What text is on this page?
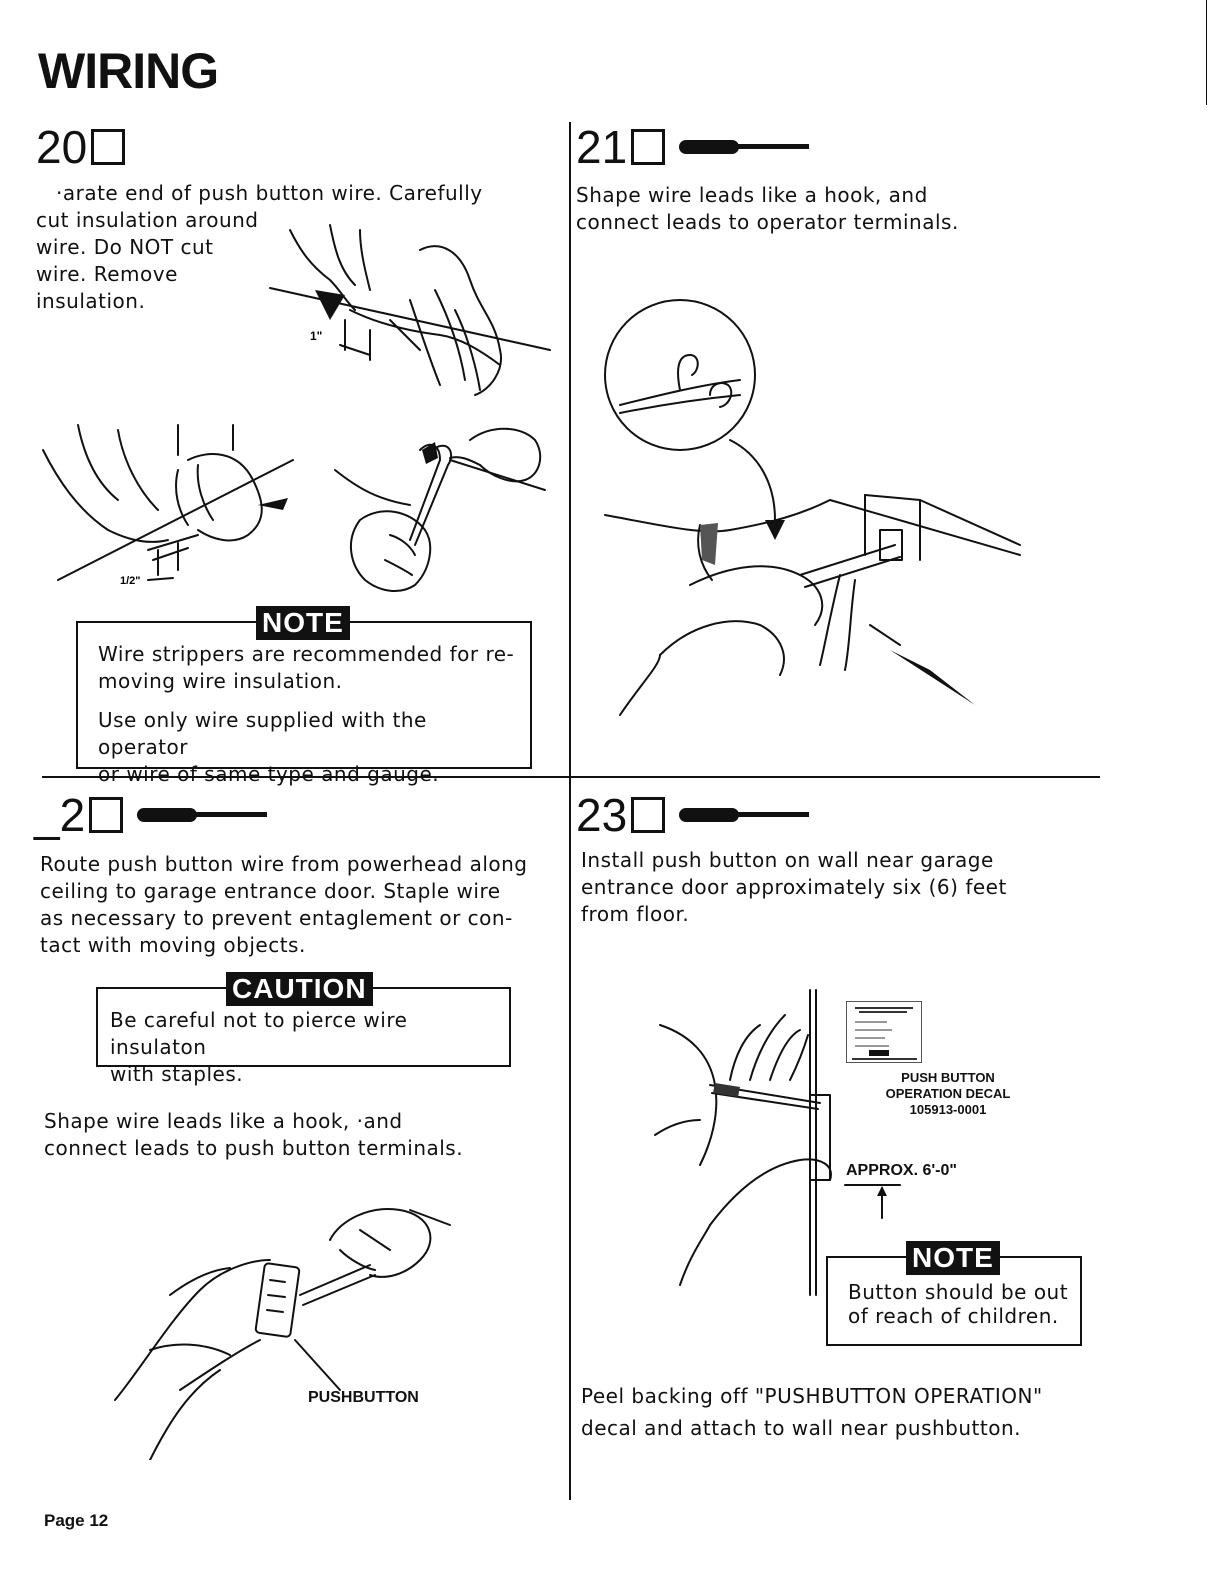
WIRING
20
·arate end of push button wire. Carefully
cut insulation around
wire. Do NOT cut
wire. Remove
insulation.
1"
1/2"
NOTE
Wire strippers are recommended for re-
moving wire insulation.
Use only wire supplied with the operator
or wire of same type and gauge.
21
Shape wire leads like a hook, and
connect leads to operator terminals.
_2
Route push button wire from powerhead along
ceiling to garage entrance door. Staple wire
as necessary to prevent entaglement or con-
tact with moving objects.
CAUTION
Be careful not to pierce wire insulaton
with staples.
Shape wire leads like a hook, ·and
connect leads to push button terminals.
PUSHBUTTON
23
Install push button on wall near garage
entrance door approximately six (6) feet
from floor.
PUSH BUTTON
OPERATION DECAL
105913-0001
APPROX. 6'-0"
NOTE
Button should be out
of reach of children.
Peel backing off "PUSHBUTTON OPERATION"
decal and attach to wall near pushbutton.
Page 12
